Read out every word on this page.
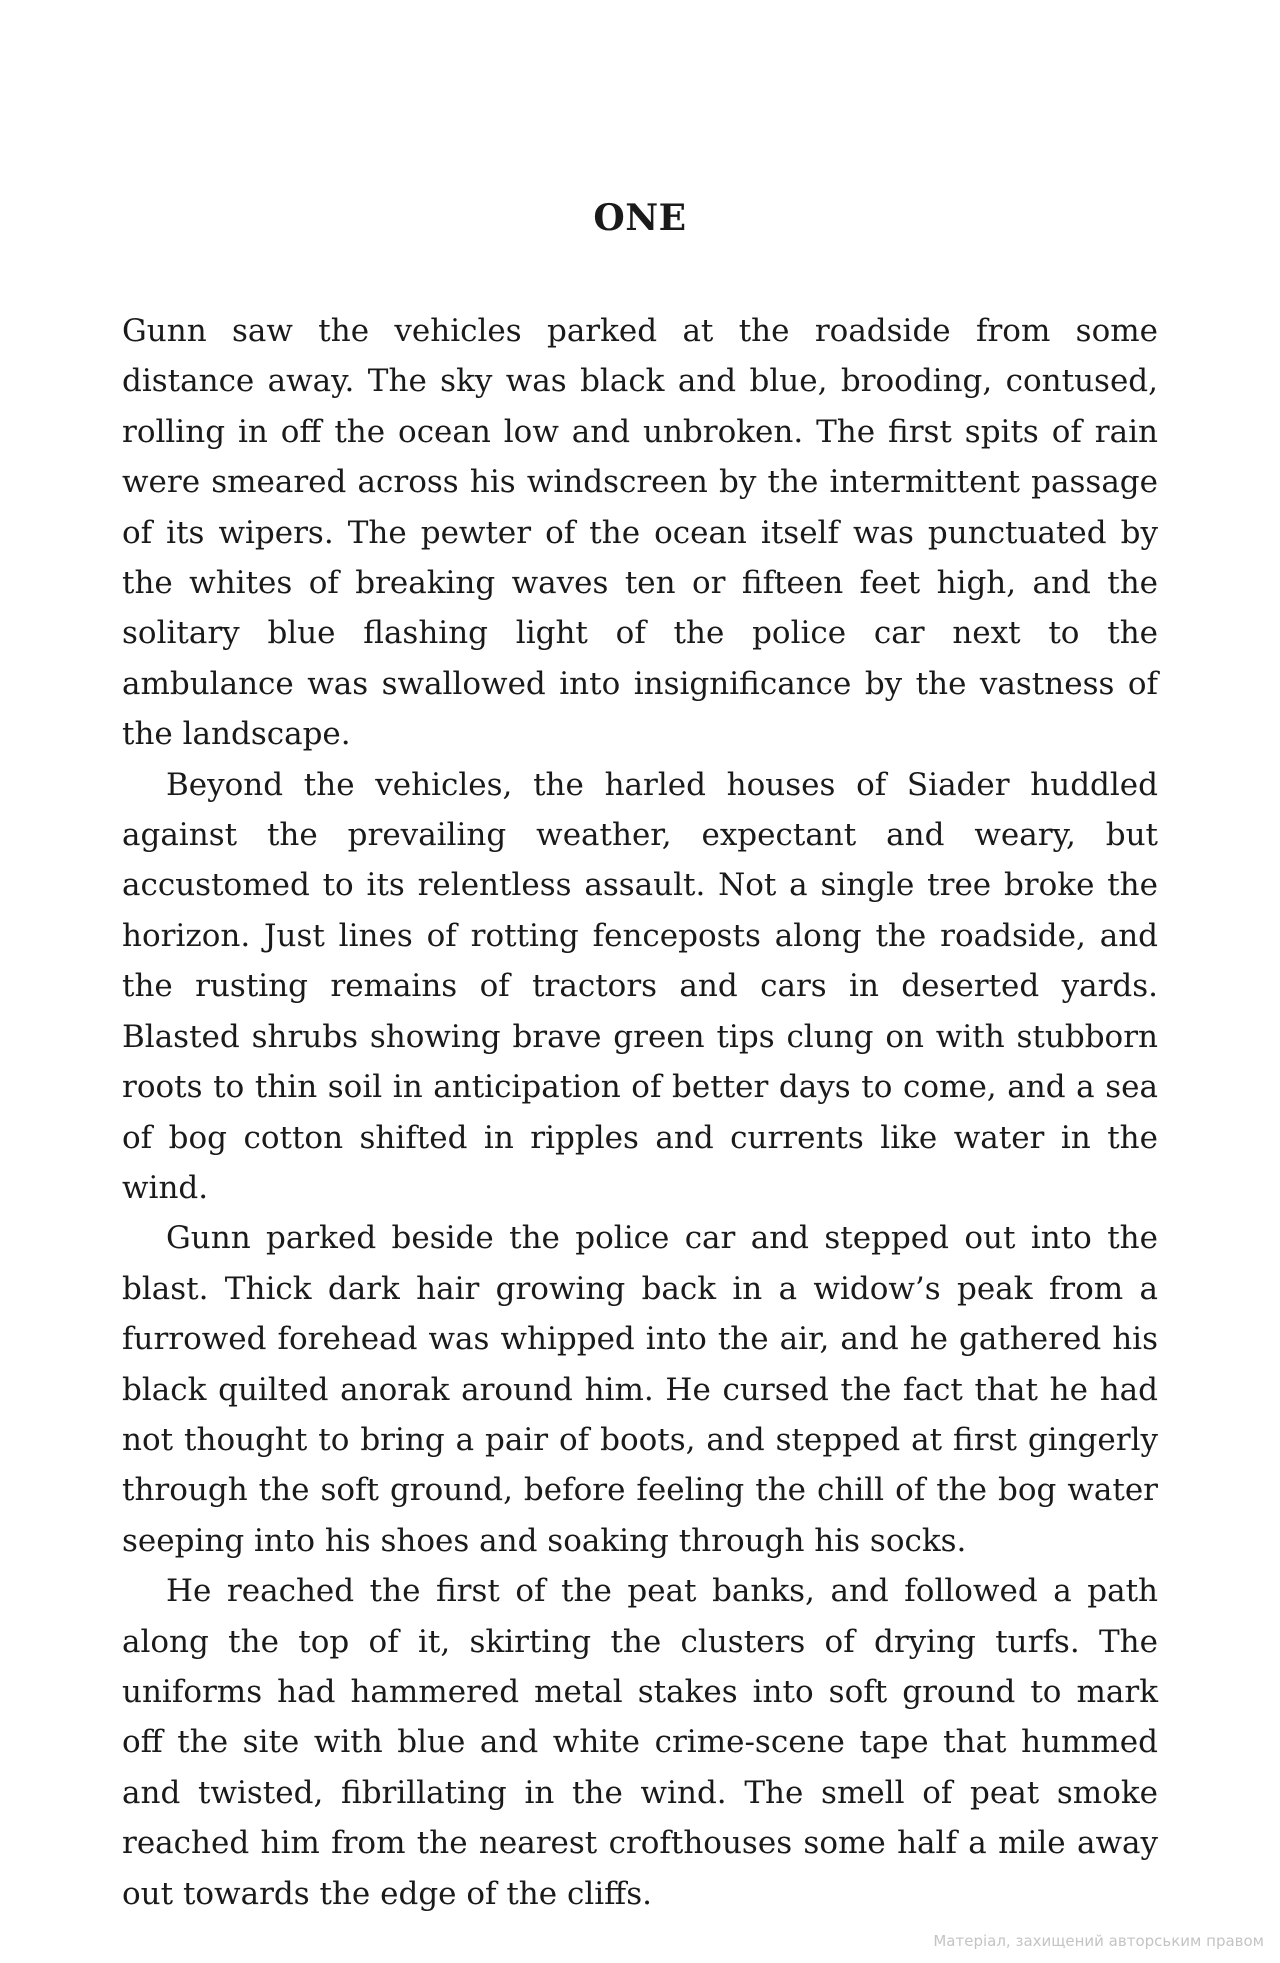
ONE

Gunn saw the vehicles parked at the roadside from some distance away. The sky was black and blue, brooding, contused, rolling in off the ocean low and unbroken. The first spits of rain were smeared across his windscreen by the intermittent passage of its wipers. The pewter of the ocean itself was punctuated by the whites of breaking waves ten or fifteen feet high, and the solitary blue flashing light of the police car next to the ambulance was swallowed into insignificance by the vastness of the landscape.

Beyond the vehicles, the harled houses of Siader huddled against the prevailing weather, expectant and weary, but accustomed to its relentless assault. Not a single tree broke the horizon. Just lines of rotting fenceposts along the roadside, and the rusting remains of tractors and cars in deserted yards. Blasted shrubs showing brave green tips clung on with stubborn roots to thin soil in anticipation of better days to come, and a sea of bog cotton shifted in ripples and currents like water in the wind.

Gunn parked beside the police car and stepped out into the blast. Thick dark hair growing back in a widow’s peak from a furrowed forehead was whipped into the air, and he gathered his black quilted anorak around him. He cursed the fact that he had not thought to bring a pair of boots, and stepped at first gingerly through the soft ground, before feeling the chill of the bog water seeping into his shoes and soaking through his socks.

He reached the first of the peat banks, and followed a path along the top of it, skirting the clusters of drying turfs. The uniforms had hammered metal stakes into soft ground to mark off the site with blue and white crime-scene tape that hummed and twisted, fibrillating in the wind. The smell of peat smoke reached him from the nearest crofthouses some half a mile away out towards the edge of the cliffs.

Матеріал, захищений авторським правом
